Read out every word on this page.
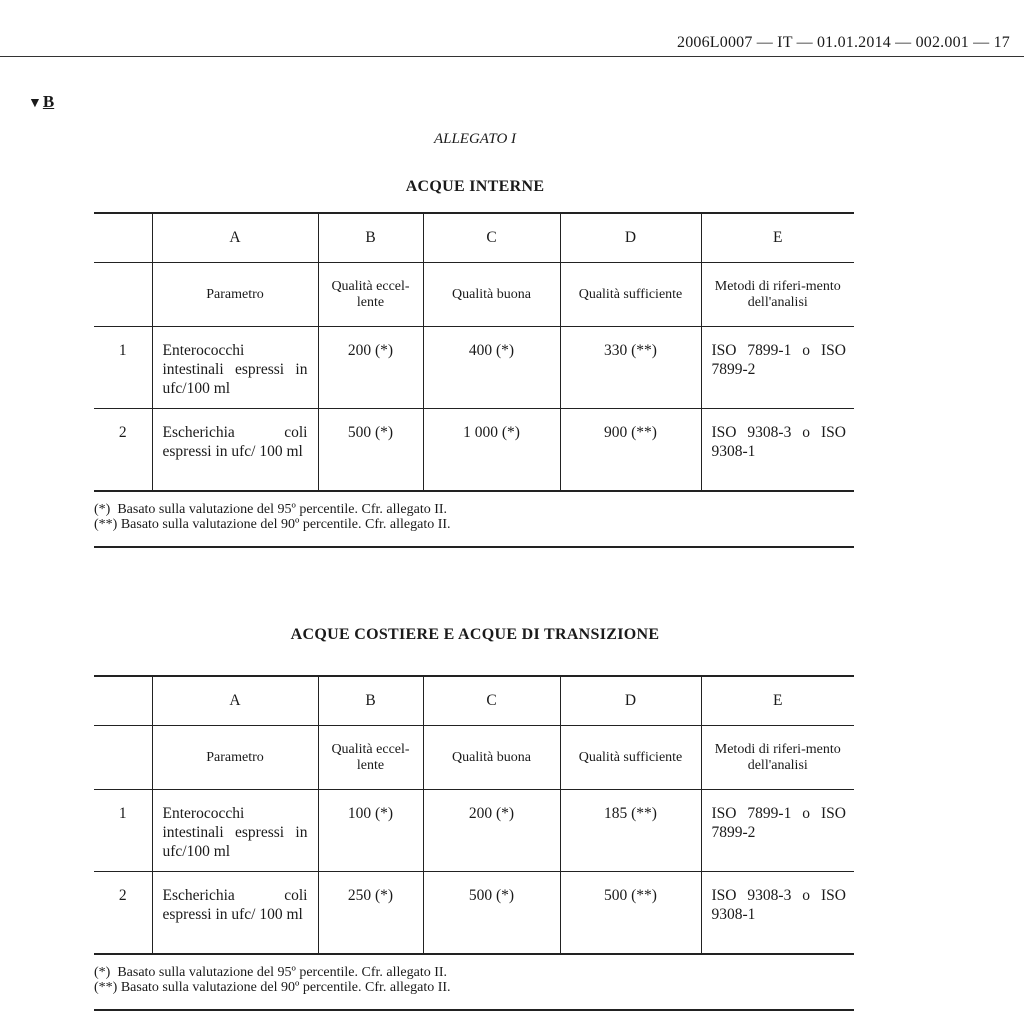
2006L0007 — IT — 01.01.2014 — 002.001 — 17
▼B
ALLEGATO I
ACQUE INTERNE
	A	B	C	D	E
	Parametro	Qualità eccel-lente	Qualità buona	Qualità sufficiente	Metodi di riferi-mento dell'analisi
1	Enterococchi intestinali espressi in ufc/100 ml	200 (*)	400 (*)	330 (**)	ISO 7899-1 o ISO 7899-2
2	Escherichia coli espressi in ufc/ 100 ml	500 (*)	1 000 (*)	900 (**)	ISO 9308-3 o ISO 9308-1
(*)  Basato sulla valutazione del 95º percentile. Cfr. allegato II.
(**) Basato sulla valutazione del 90º percentile. Cfr. allegato II.
ACQUE COSTIERE E ACQUE DI TRANSIZIONE
	A	B	C	D	E
	Parametro	Qualità eccel-lente	Qualità buona	Qualità sufficiente	Metodi di riferi-mento dell'analisi
1	Enterococchi intestinali espressi in ufc/100 ml	100 (*)	200 (*)	185 (**)	ISO 7899-1 o ISO 7899-2
2	Escherichia coli espressi in ufc/ 100 ml	250 (*)	500 (*)	500 (**)	ISO 9308-3 o ISO 9308-1
(*)  Basato sulla valutazione del 95º percentile. Cfr. allegato II.
(**) Basato sulla valutazione del 90º percentile. Cfr. allegato II.
